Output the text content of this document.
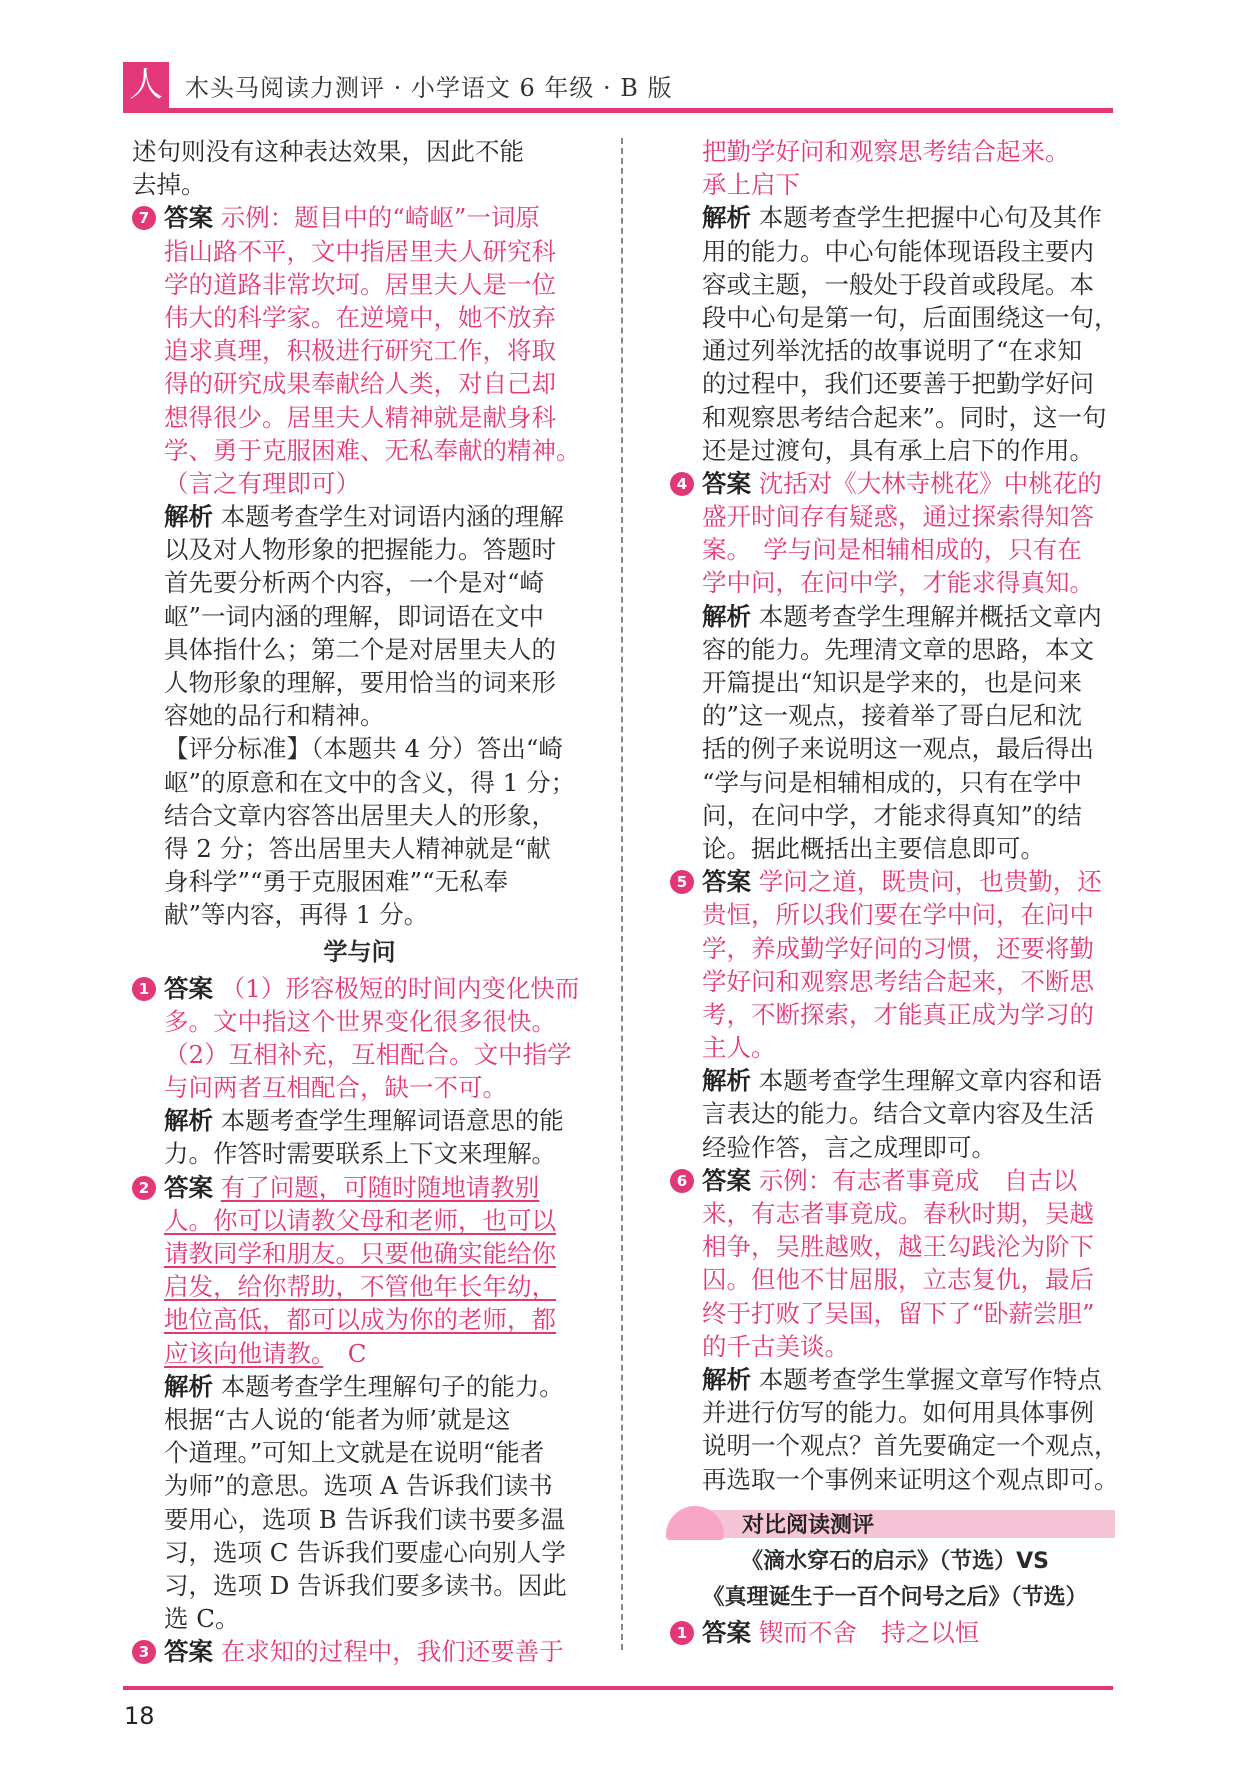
人 木头马阅读力测评 · 小学语文 6 年级 · B 版
述句则没有这种表达效果，因此不能
去掉。
7 答案 示例：题目中的“崎岖”一词原
指山路不平，文中指居里夫人研究科
学的道路非常坎坷。居里夫人是一位
伟大的科学家。在逆境中，她不放弃
追求真理，积极进行研究工作，将取
得的研究成果奉献给人类，对自己却
想得很少。居里夫人精神就是献身科
学、勇于克服困难、无私奉献的精神。
（言之有理即可）
解析 本题考查学生对词语内涵的理解
以及对人物形象的把握能力。答题时
首先要分析两个内容，一个是对“崎
岖”一词内涵的理解，即词语在文中
具体指什么；第二个是对居里夫人的
人物形象的理解，要用恰当的词来形
容她的品行和精神。
【评分标准】（本题共 4 分）答出“崎
岖”的原意和在文中的含义，得 1 分；
结合文章内容答出居里夫人的形象，
得 2 分；答出居里夫人精神就是“献
身科学”“勇于克服困难”“无私奉
献”等内容，再得 1 分。
学与问
1 答案 （1）形容极短的时间内变化快而
多。文中指这个世界变化很多很快。
（2）互相补充，互相配合。文中指学
与问两者互相配合，缺一不可。
解析 本题考查学生理解词语意思的能
力。作答时需要联系上下文来理解。
2 答案 有了问题，可随时随地请教别
人。你可以请教父母和老师，也可以
请教同学和朋友。只要他确实能给你
启发，给你帮助，不管他年长年幼，
地位高低，都可以成为你的老师，都
应该向他请教。　 C
解析 本题考查学生理解句子的能力。
根据“古人说的‘能者为师’就是这
个道理。”可知上文就是在说明“能者
为师”的意思。选项 A 告诉我们读书
要用心，选项 B 告诉我们读书要多温
习，选项 C 告诉我们要虚心向别人学
习，选项 D 告诉我们要多读书。因此
选 C。
3 答案 在求知的过程中，我们还要善于
把勤学好问和观察思考结合起来。
承上启下
解析 本题考查学生把握中心句及其作
用的能力。中心句能体现语段主要内
容或主题，一般处于段首或段尾。本
段中心句是第一句，后面围绕这一句，
通过列举沈括的故事说明了“在求知
的过程中，我们还要善于把勤学好问
和观察思考结合起来”。同时，这一句
还是过渡句，具有承上启下的作用。
4 答案 沈括对《大林寺桃花》中桃花的
盛开时间存有疑惑，通过探索得知答
案。　学与问是相辅相成的，只有在
学中问，在问中学，才能求得真知。
解析 本题考查学生理解并概括文章内
容的能力。先理清文章的思路，本文
开篇提出“知识是学来的，也是问来
的”这一观点，接着举了哥白尼和沈
括的例子来说明这一观点，最后得出
“学与问是相辅相成的，只有在学中
问，在问中学，才能求得真知”的结
论。据此概括出主要信息即可。
5 答案 学问之道，既贵问，也贵勤，还
贵恒，所以我们要在学中问，在问中
学，养成勤学好问的习惯，还要将勤
学好问和观察思考结合起来，不断思
考，不断探索，才能真正成为学习的
主人。
解析 本题考查学生理解文章内容和语
言表达的能力。结合文章内容及生活
经验作答，言之成理即可。
6 答案 示例：有志者事竟成　自古以
来，有志者事竟成。春秋时期，吴越
相争，吴胜越败，越王勾践沦为阶下
囚。但他不甘屈服，立志复仇，最后
终于打败了吴国，留下了“卧薪尝胆”
的千古美谈。
解析 本题考查学生掌握文章写作特点
并进行仿写的能力。如何用具体事例
说明一个观点？首先要确定一个观点，
再选取一个事例来证明这个观点即可。
对比阅读测评
《滴水穿石的启示》（节选）VS
《真理诞生于一百个问号之后》（节选）
1 答案 锲而不舍　持之以恒
18
